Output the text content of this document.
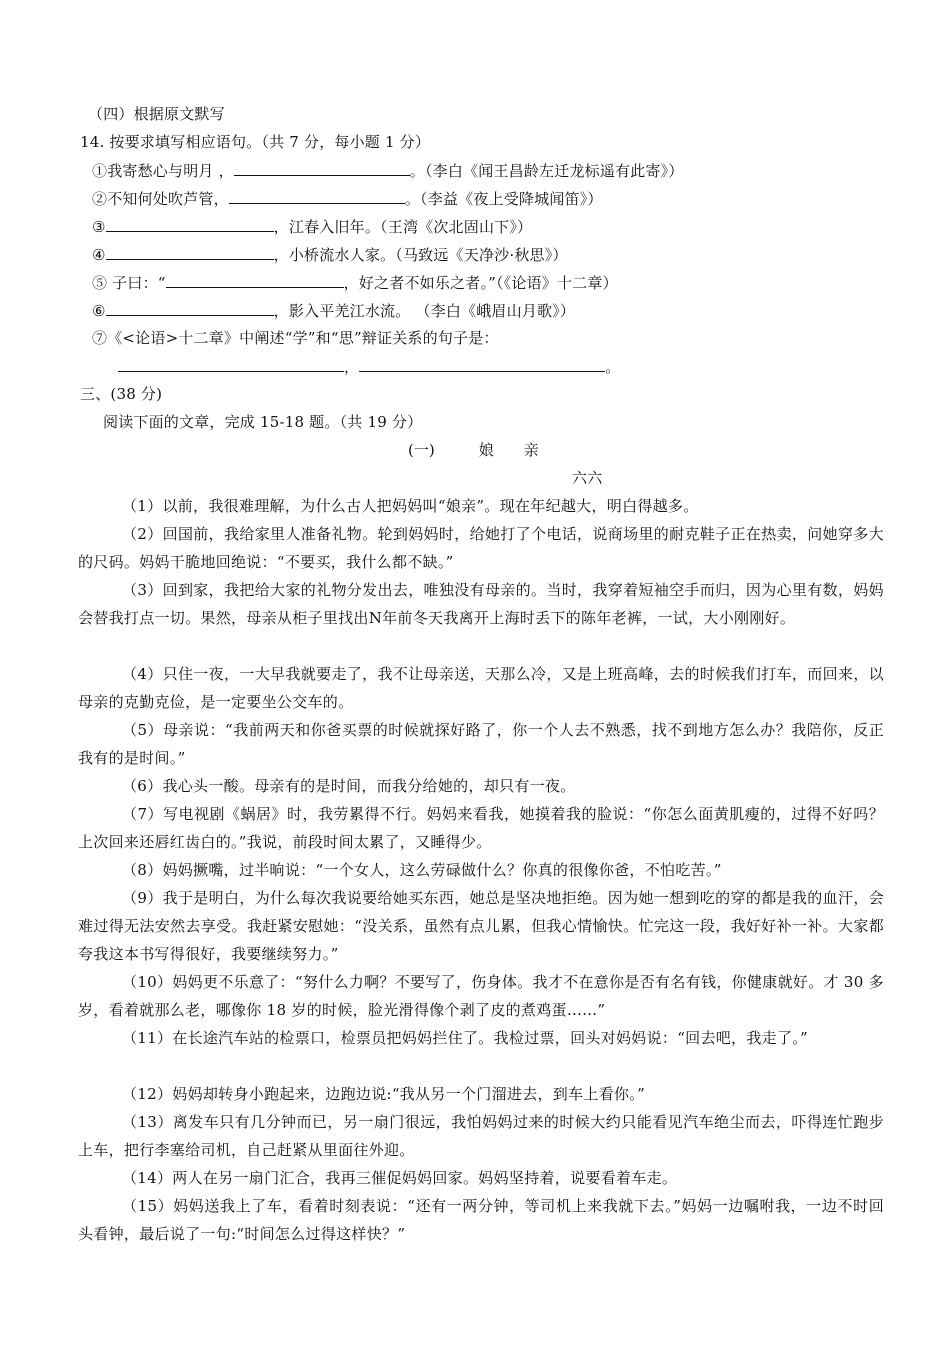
（四）根据原文默写
14. 按要求填写相应语句。（共 7 分，每小题 1 分）
①我寄愁心与明月 ，	。（李白《闻王昌龄左迁龙标遥有此寄》）
②不知何处吹芦管，	。（李益《夜上受降城闻笛》）
③	，江春入旧年。（王湾《次北固山下》）
④	，小桥流水人家。（马致远《天净沙·秋思》）
⑤ 子曰：“	，好之者不如乐之者。”（《论语》十二章）
⑥	，影入平羌江水流。 （李白《峨眉山月歌》）
⑦《<论语>十二章》中阐述“学”和“思”辩证关系的句子是：
，	。
三、(38 分)
阅读下面的文章，完成 15-18 题。（共 19 分）
(一)	娘 亲
六六
（1）以前，我很难理解，为什么古人把妈妈叫“娘亲”。现在年纪越大，明白得越多。
（2）回国前，我给家里人准备礼物。轮到妈妈时，给她打了个电话，说商场里的耐克鞋子正在热卖，问她穿多大的尺码。妈妈干脆地回绝说：“不要买，我什么都不缺。”
（3）回到家，我把给大家的礼物分发出去，唯独没有母亲的。当时，我穿着短袖空手而归，因为心里有数，妈妈会替我打点一切。果然，母亲从柜子里找出N年前冬天我离开上海时丢下的陈年老裤，一试，大小刚刚好。
（4）只住一夜，一大早我就要走了，我不让母亲送，天那么冷，又是上班高峰，去的时候我们打车，而回来，以母亲的克勤克俭，是一定要坐公交车的。
（5）母亲说：“我前两天和你爸买票的时候就探好路了，你一个人去不熟悉，找不到地方怎么办？我陪你，反正我有的是时间。”
（6）我心头一酸。母亲有的是时间，而我分给她的，却只有一夜。
（7）写电视剧《蜗居》时，我劳累得不行。妈妈来看我，她摸着我的脸说：“你怎么面黄肌瘦的，过得不好吗？上次回来还唇红齿白的。”我说，前段时间太累了，又睡得少。
（8）妈妈撅嘴，过半晌说：“一个女人，这么劳碌做什么？你真的很像你爸，不怕吃苦。”
（9）我于是明白，为什么每次我说要给她买东西，她总是坚决地拒绝。因为她一想到吃的穿的都是我的血汗，会难过得无法安然去享受。我赶紧安慰她：“没关系，虽然有点儿累，但我心情愉快。忙完这一段，我好好补一补。大家都夸我这本书写得很好，我要继续努力。”
（10）妈妈更不乐意了：“努什么力啊？不要写了，伤身体。我才不在意你是否有名有钱，你健康就好。才 30 多岁，看着就那么老，哪像你 18 岁的时候，脸光滑得像个剥了皮的煮鸡蛋……”
（11）在长途汽车站的检票口，检票员把妈妈拦住了。我检过票，回头对妈妈说：“回去吧，我走了。”
（12）妈妈却转身小跑起来，边跑边说:“我从另一个门溜进去，到车上看你。”
（13）离发车只有几分钟而已，另一扇门很远，我怕妈妈过来的时候大约只能看见汽车绝尘而去，吓得连忙跑步上车，把行李塞给司机，自己赶紧从里面往外迎。
（14）两人在另一扇门汇合，我再三催促妈妈回家。妈妈坚持着，说要看着车走。
（15）妈妈送我上了车，看着时刻表说：“还有一两分钟，等司机上来我就下去。”妈妈一边嘱咐我，一边不时回头看钟，最后说了一句:“时间怎么过得这样快？”
